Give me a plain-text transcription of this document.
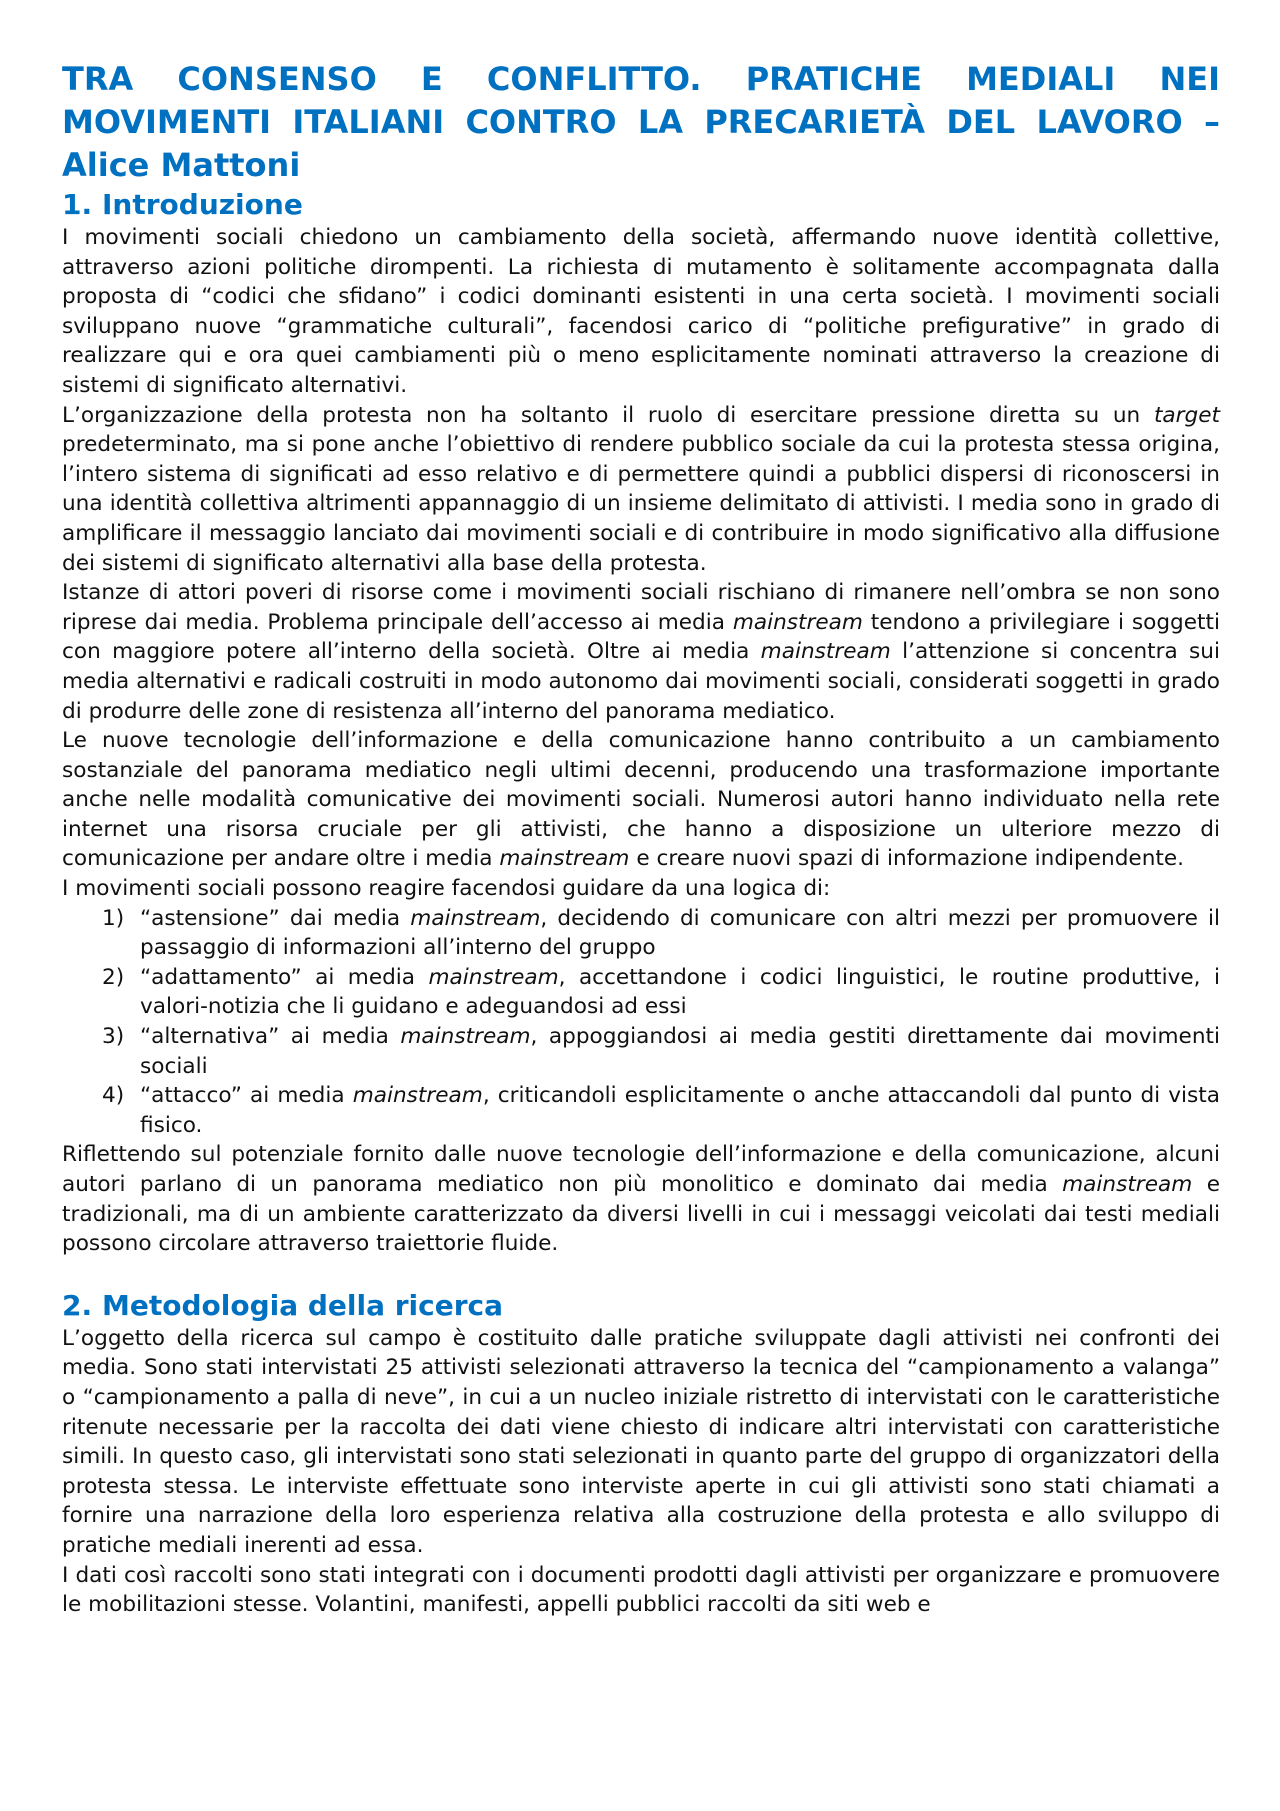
TRA CONSENSO E CONFLITTO. PRATICHE MEDIALI NEI MOVIMENTI ITALIANI CONTRO LA PRECARIETÀ DEL LAVORO – Alice Mattoni
1. Introduzione

I movimenti sociali chiedono un cambiamento della società, affermando nuove identità collettive, attraverso azioni politiche dirompenti. La richiesta di mutamento è solitamente accompagnata dalla proposta di “codici che sfidano” i codici dominanti esistenti in una certa società. I movimenti sociali sviluppano nuove “grammatiche culturali”, facendosi carico di “politiche prefigurative” in grado di realizzare qui e ora quei cambiamenti più o meno esplicitamente nominati attraverso la creazione di sistemi di significato alternativi.

L’organizzazione della protesta non ha soltanto il ruolo di esercitare pressione diretta su un target predeterminato, ma si pone anche l’obiettivo di rendere pubblico sociale da cui la protesta stessa origina, l’intero sistema di significati ad esso relativo e di permettere quindi a pubblici dispersi di riconoscersi in una identità collettiva altrimenti appannaggio di un insieme delimitato di attivisti. I media sono in grado di amplificare il messaggio lanciato dai movimenti sociali e di contribuire in modo significativo alla diffusione dei sistemi di significato alternativi alla base della protesta.

Istanze di attori poveri di risorse come i movimenti sociali rischiano di rimanere nell’ombra se non sono riprese dai media. Problema principale dell’accesso ai media mainstream tendono a privilegiare i soggetti con maggiore potere all’interno della società. Oltre ai media mainstream l’attenzione si concentra sui media alternativi e radicali costruiti in modo autonomo dai movimenti sociali, considerati soggetti in grado di produrre delle zone di resistenza all’interno del panorama mediatico.

Le nuove tecnologie dell’informazione e della comunicazione hanno contribuito a un cambiamento sostanziale del panorama mediatico negli ultimi decenni, producendo una trasformazione importante anche nelle modalità comunicative dei movimenti sociali. Numerosi autori hanno individuato nella rete internet una risorsa cruciale per gli attivisti, che hanno a disposizione un ulteriore mezzo di comunicazione per andare oltre i media mainstream e creare nuovi spazi di informazione indipendente.

I movimenti sociali possono reagire facendosi guidare da una logica di:

1) “astensione” dai media mainstream, decidendo di comunicare con altri mezzi per promuovere il passaggio di informazioni all’interno del gruppo
2) “adattamento” ai media mainstream, accettandone i codici linguistici, le routine produttive, i valori-notizia che li guidano e adeguandosi ad essi
3) “alternativa” ai media mainstream, appoggiandosi ai media gestiti direttamente dai movimenti sociali
4) “attacco” ai media mainstream, criticandoli esplicitamente o anche attaccandoli dal punto di vista fisico.

Riflettendo sul potenziale fornito dalle nuove tecnologie dell’informazione e della comunicazione, alcuni autori parlano di un panorama mediatico non più monolitico e dominato dai media mainstream e tradizionali, ma di un ambiente caratterizzato da diversi livelli in cui i messaggi veicolati dai testi mediali possono circolare attraverso traiettorie fluide.

2. Metodologia della ricerca

L’oggetto della ricerca sul campo è costituito dalle pratiche sviluppate dagli attivisti nei confronti dei media. Sono stati intervistati 25 attivisti selezionati attraverso la tecnica del “campionamento a valanga” o “campionamento a palla di neve”, in cui a un nucleo iniziale ristretto di intervistati con le caratteristiche ritenute necessarie per la raccolta dei dati viene chiesto di indicare altri intervistati con caratteristiche simili. In questo caso, gli intervistati sono stati selezionati in quanto parte del gruppo di organizzatori della protesta stessa. Le interviste effettuate sono interviste aperte in cui gli attivisti sono stati chiamati a fornire una narrazione della loro esperienza relativa alla costruzione della protesta e allo sviluppo di pratiche mediali inerenti ad essa.

I dati così raccolti sono stati integrati con i documenti prodotti dagli attivisti per organizzare e promuovere le mobilitazioni stesse. Volantini, manifesti, appelli pubblici raccolti da siti web e
